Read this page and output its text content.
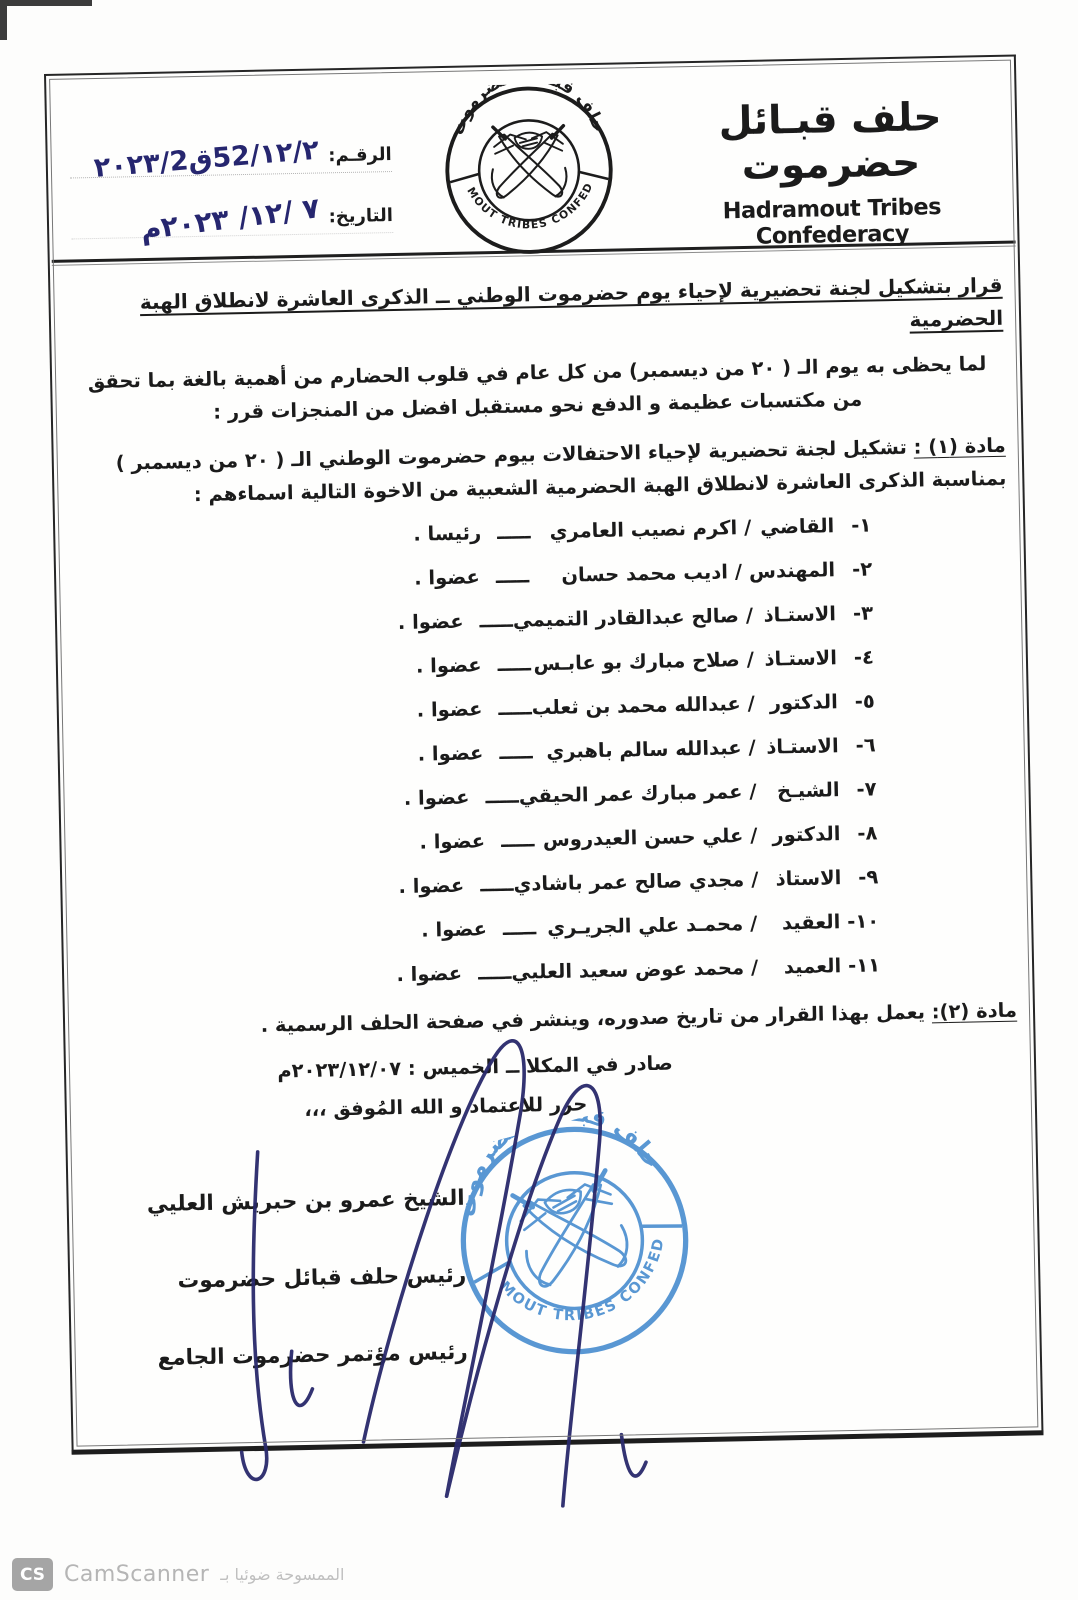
حلف قبـائل حضرموت
Hadramout Tribes Confederacy
الرقـم:
٢٠٢٣/2ق52/١٢/٢
التاريخ:
م٢٠٢٣ /١٢/ ٧
قرار بتشكيل لجنة تحضيرية لإحياء يوم حضرموت الوطني ــ الذكرى العاشرة لانطلاق الهبة الحضرمية
لما يحظى به يوم الـ ( ٢٠ من ديسمبر) من كل عام في قلوب الحضارم من أهمية بالغة بما تحقق من مكتسبات عظيمة و الدفع نحو مستقبل افضل من المنجزات قرر :
مادة (١) : تشكيل لجنة تحضيرية لإحياء الاحتفالات بيوم حضرموت الوطني الـ ( ٢٠ من ديسمبر ) بمناسبة الذكرى العاشرة لانطلاق الهبة الحضرمية الشعبية من الاخوة التالية اسماءهم :
١-
القاضي
/
اكرم نصيب العامري
ـــــ
رئيسا .
٢-
المهندس
/
اديب محمد حسان
ـــــ
عضوا .
٣-
الاستـاذ
/
صالح عبدالقادر التميمي
ـــــ
عضوا .
٤-
الاستـاذ
/
صلاح مبارك بو عابـس
ـــــ
عضوا .
٥-
الدكتور
/
عبدالله محمد بن ثعلب
ـــــ
عضوا .
٦-
الاستـاذ
/
عبدالله سالم باهبري
ـــــ
عضوا .
٧-
الشيـخ
/
عمر مبارك عمر الحيقي
ـــــ
عضوا .
٨-
الدكتور
/
علي حسن العيدروس
ـــــ
عضوا .
٩-
الاستاذ
/
مجدي صالح عمر باشادي
ـــــ
عضوا .
١٠-
العقيد
/
محمـد علي الجريـري
ـــــ
عضوا .
١١-
العميد
/
محمد عوض سعيد العليي
ـــــ
عضوا .
مادة (٢): يعمل بهذا القرار من تاريخ صدوره، وينشر في صفحة الحلف الرسمية .
صادر في المكلا ــ الخميس : ٢٠٢٣/١٢/٠٧م
حرر للاعتماد و الله المُوفق ،،،
الشيخ عمرو بن حبريش العليي
رئيس حلف قبائل حضرموت
رئيس مؤتمر حضرموت الجامع
CS CamScanner الممسوحة ضوئيا بـ
